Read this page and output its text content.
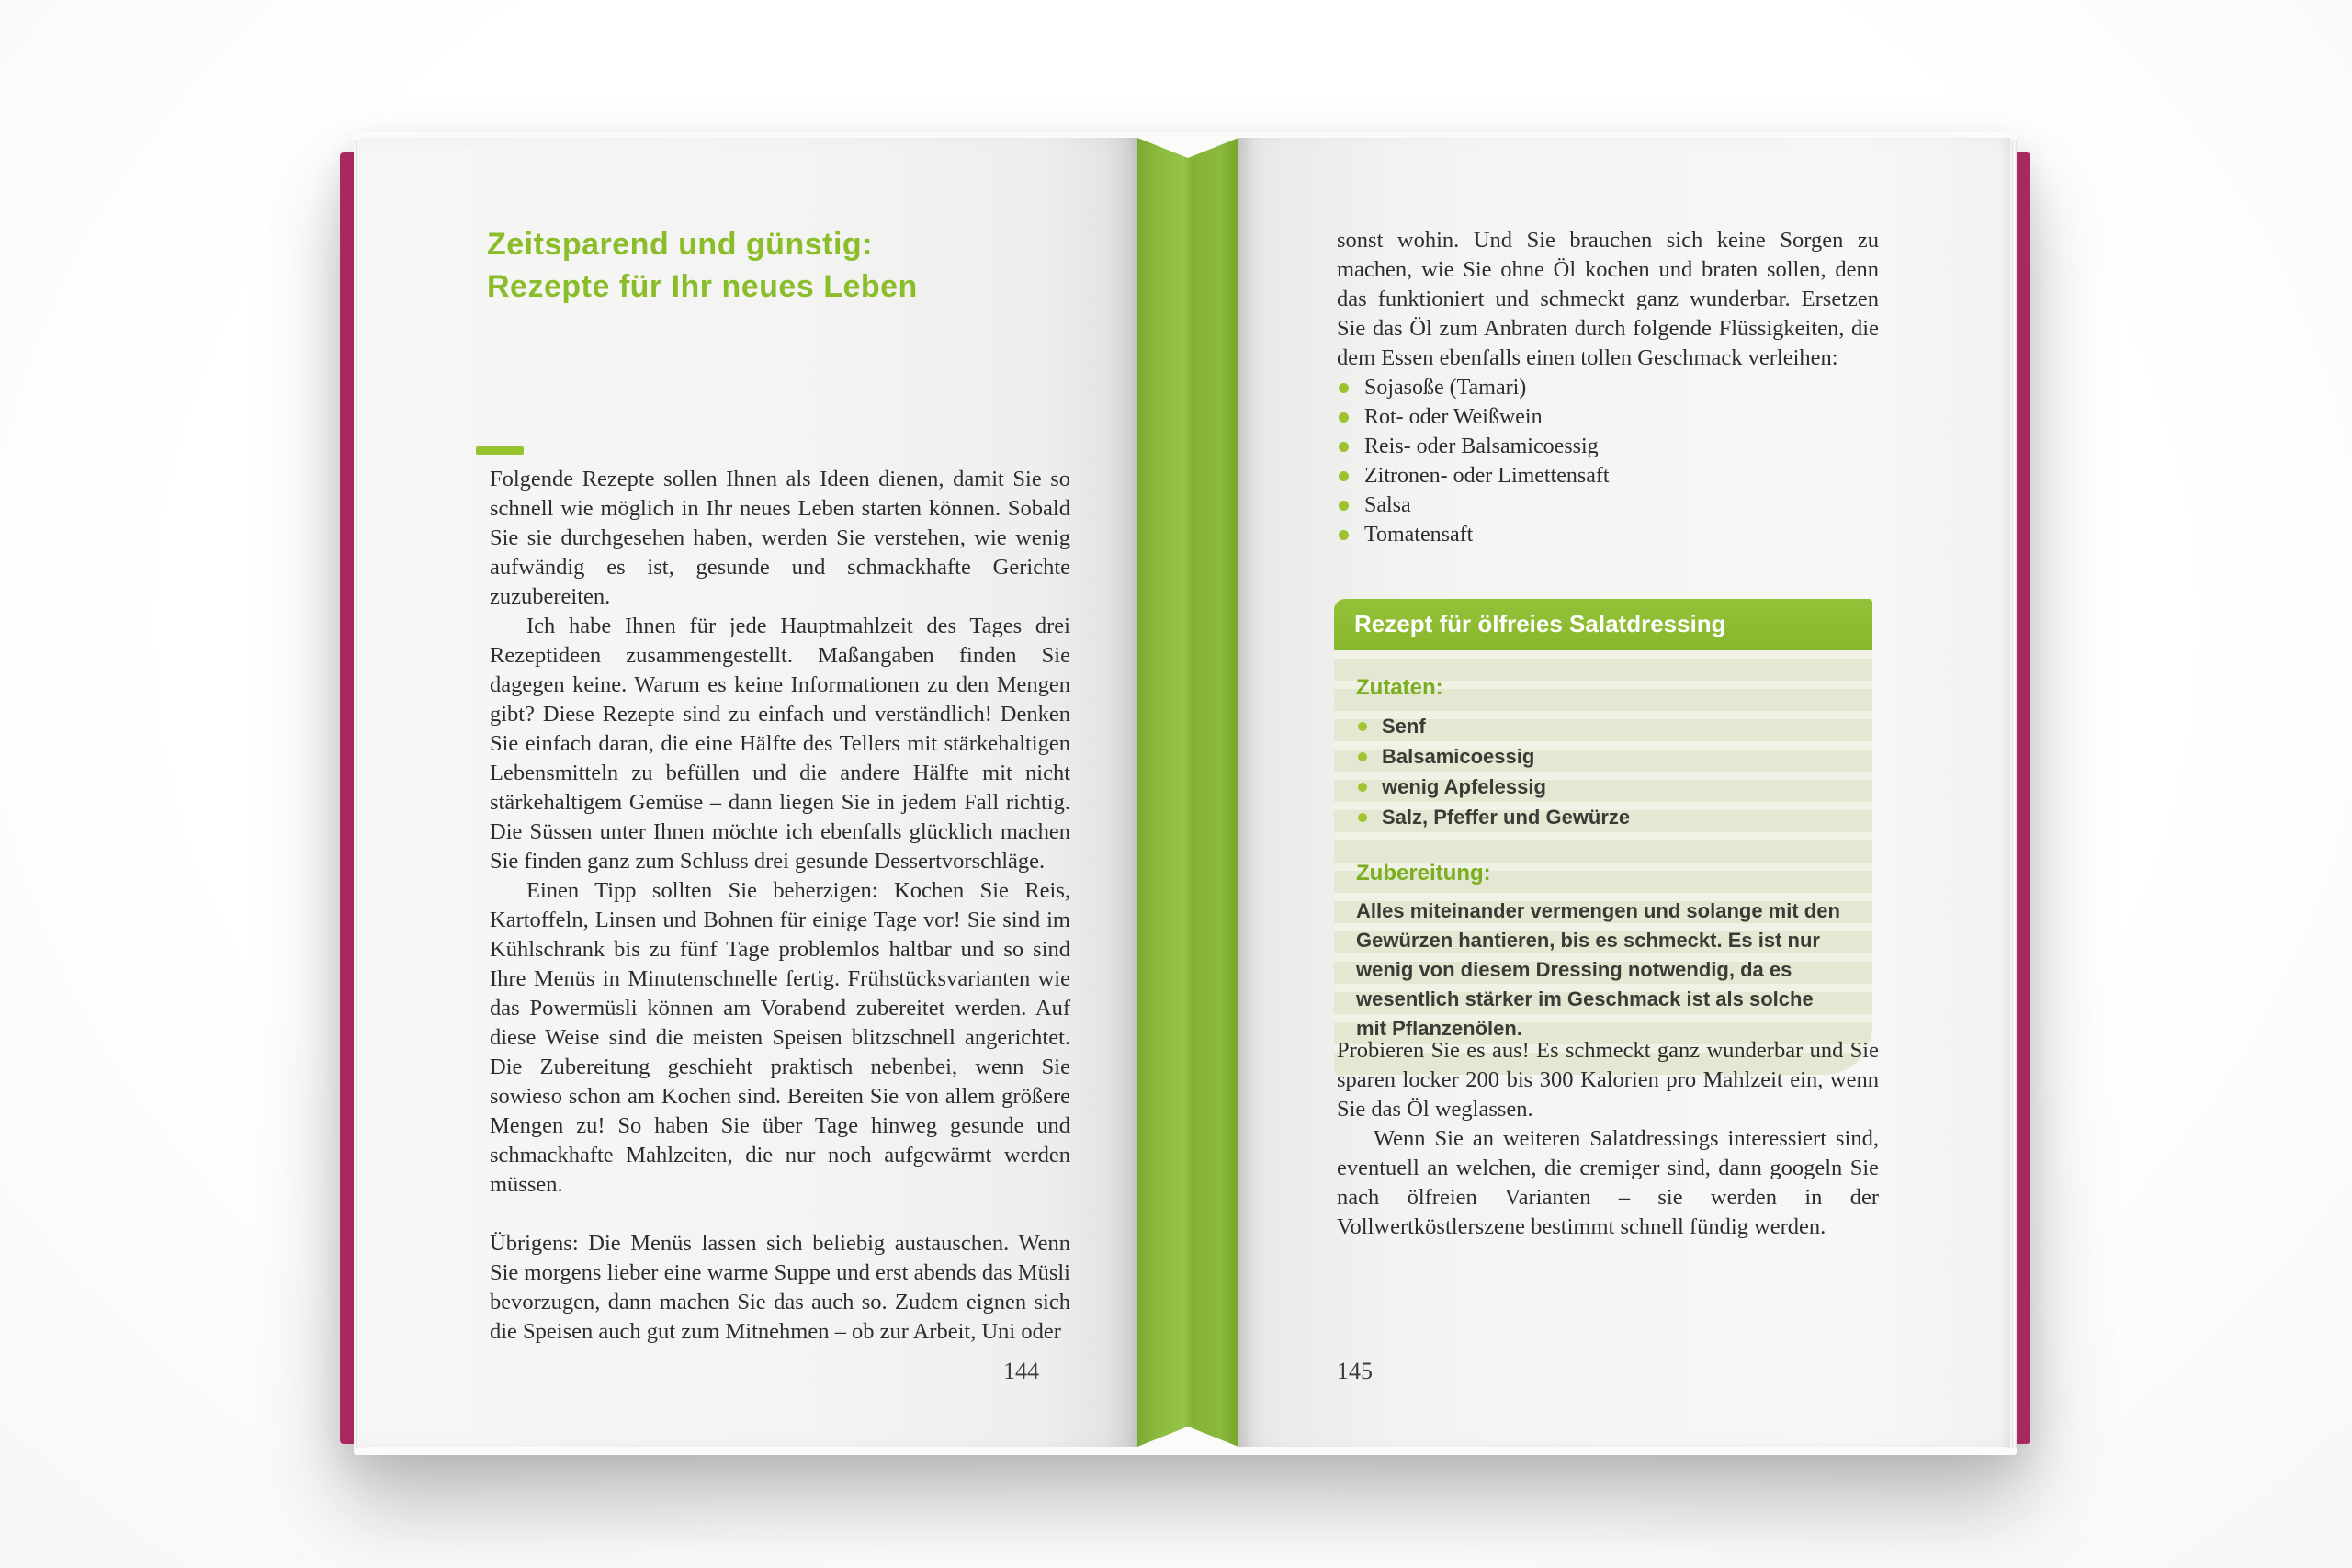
Zeitsparend und günstig:
Rezepte für Ihr neues Leben

Folgende Rezepte sollen Ihnen als Ideen dienen, damit Sie so schnell wie möglich in Ihr neues Leben starten können. Sobald Sie sie durchgesehen haben, werden Sie verstehen, wie wenig aufwändig es ist, gesunde und schmackhafte Gerichte zuzubereiten.

Ich habe Ihnen für jede Hauptmahlzeit des Tages drei Rezeptideen zusammengestellt. Maßangaben finden Sie dagegen keine. Warum es keine Informationen zu den Mengen gibt? Diese Rezepte sind zu einfach und verständlich! Denken Sie einfach daran, die eine Hälfte des Tellers mit stärkehaltigen Lebensmitteln zu befüllen und die andere Hälfte mit nicht stärkehaltigem Gemüse – dann liegen Sie in jedem Fall richtig. Die Süssen unter Ihnen möchte ich ebenfalls glücklich machen Sie finden ganz zum Schluss drei gesunde Dessertvorschläge.

Einen Tipp sollten Sie beherzigen: Kochen Sie Reis, Kartoffeln, Linsen und Bohnen für einige Tage vor! Sie sind im Kühlschrank bis zu fünf Tage problemlos haltbar und so sind Ihre Menüs in Minutenschnelle fertig. Frühstücksvarianten wie das Powermüsli können am Vorabend zubereitet werden. Auf diese Weise sind die meisten Speisen blitzschnell angerichtet. Die Zubereitung geschieht praktisch nebenbei, wenn Sie sowieso schon am Kochen sind. Bereiten Sie von allem größere Mengen zu! So haben Sie über Tage hinweg gesunde und schmackhafte Mahlzeiten, die nur noch aufgewärmt werden müssen.

Übrigens: Die Menüs lassen sich beliebig austauschen. Wenn Sie morgens lieber eine warme Suppe und erst abends das Müsli bevorzugen, dann machen Sie das auch so. Zudem eignen sich die Speisen auch gut zum Mitnehmen – ob zur Arbeit, Uni oder

144

sonst wohin. Und Sie brauchen sich keine Sorgen zu machen, wie Sie ohne Öl kochen und braten sollen, denn das funktioniert und schmeckt ganz wunderbar. Ersetzen Sie das Öl zum Anbraten durch folgende Flüssigkeiten, die dem Essen ebenfalls einen tollen Geschmack verleihen:

Sojasoße (Tamari)
Rot- oder Weißwein
Reis- oder Balsamicoessig
Zitronen- oder Limettensaft
Salsa
Tomatensaft
Rezept für ölfreies Salatdressing

Zutaten:

Senf
Balsamicoessig
wenig Apfelessig
Salz, Pfeffer und Gewürze

Zubereitung:

Alles miteinander vermengen und solange mit den Gewürzen hantieren, bis es schmeckt. Es ist nur wenig von diesem Dressing notwendig, da es wesentlich stärker im Geschmack ist als solche mit Pflanzenölen.

Probieren Sie es aus! Es schmeckt ganz wunderbar und Sie sparen locker 200 bis 300 Kalorien pro Mahlzeit ein, wenn Sie das Öl weglassen.

Wenn Sie an weiteren Salatdressings interessiert sind, eventuell an welchen, die cremiger sind, dann googeln Sie nach ölfreien Varianten – sie werden in der Vollwertköstlerszene bestimmt schnell fündig werden.

145
